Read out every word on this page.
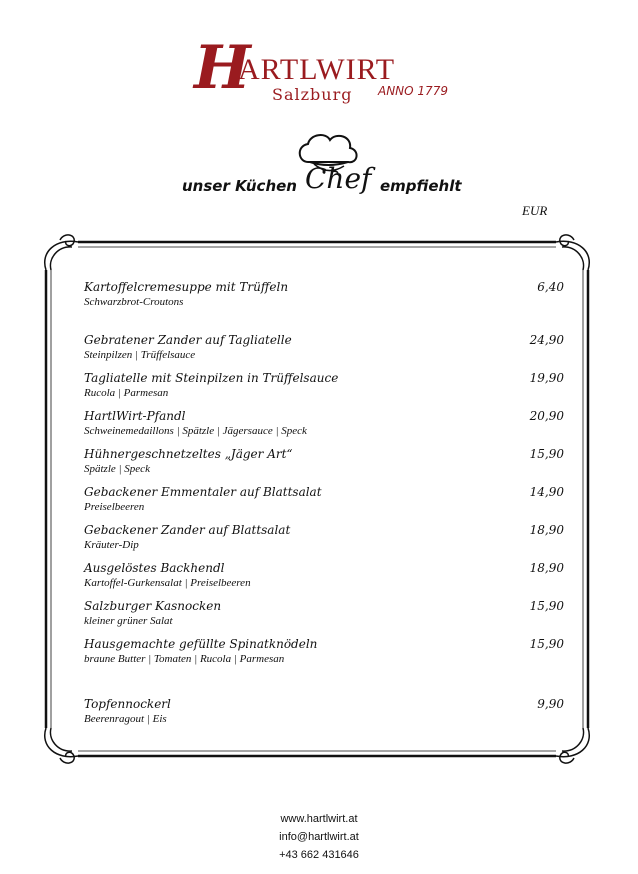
H
ARTLWIRT
Salzburg ANNO 1779
unser Küchen Chef empfiehlt
EUR
Kartoffelcremesuppe mit Trüffeln
Schwarzbrot-Croutons
6,40
Gebratener Zander auf Tagliatelle
Steinpilzen | Trüffelsauce
24,90
Tagliatelle mit Steinpilzen in Trüffelsauce
Rucola | Parmesan
19,90
HartlWirt-Pfandl
Schweinemedaillons | Spätzle | Jägersauce | Speck
20,90
Hühnergeschnetzeltes „Jäger Art“
Spätzle | Speck
15,90
Gebackener Emmentaler auf Blattsalat
Preiselbeeren
14,90
Gebackener Zander auf Blattsalat
Kräuter-Dip
18,90
Ausgelöstes Backhendl
Kartoffel-Gurkensalat | Preiselbeeren
18,90
Salzburger Kasnocken
kleiner grüner Salat
15,90
Hausgemachte gefüllte Spinatknödeln
braune Butter | Tomaten | Rucola | Parmesan
15,90
Topfennockerl
Beerenragout | Eis
9,90
www.hartlwirt.at
info@hartlwirt.at
+43 662 431646
